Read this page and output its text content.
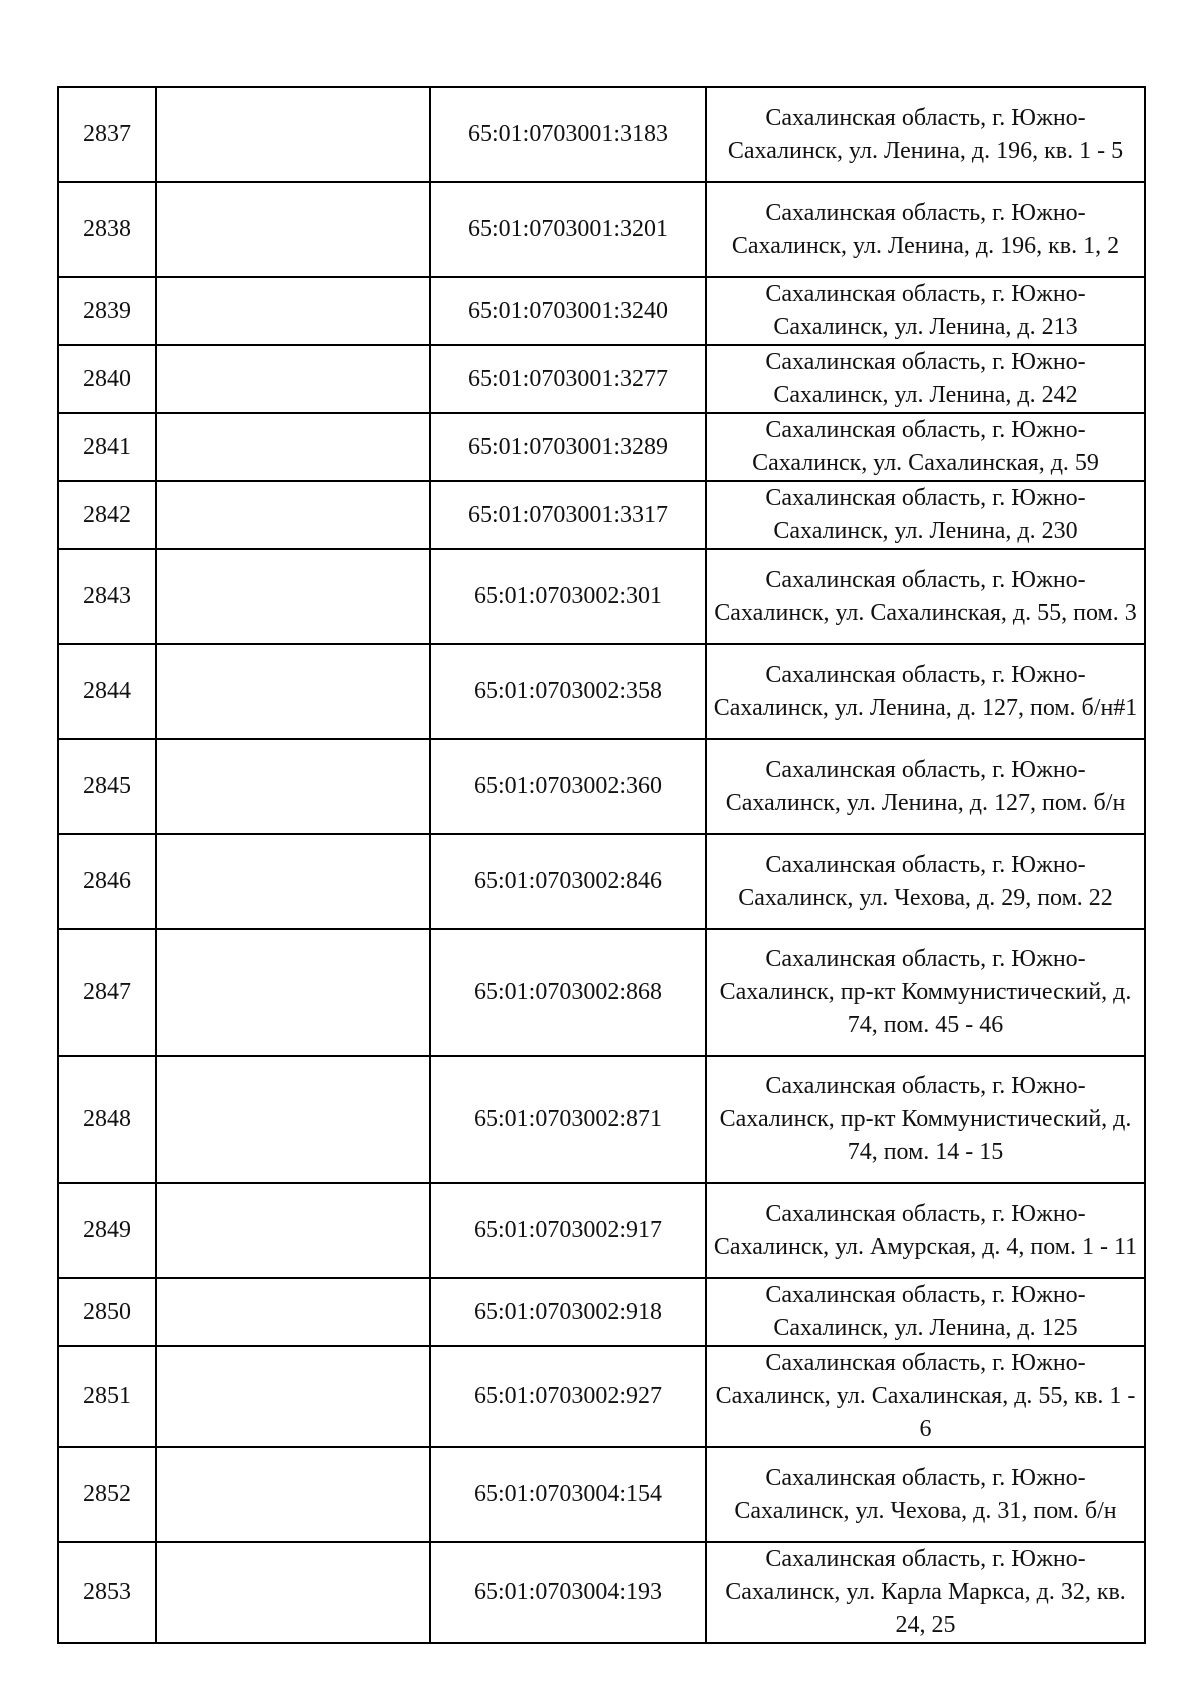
2837		65:01:0703001:3183	Сахалинская область, г. Южно-Сахалинск, ул. Ленина, д. 196, кв. 1 - 5
2838		65:01:0703001:3201	Сахалинская область, г. Южно-Сахалинск, ул. Ленина, д. 196, кв. 1, 2
2839		65:01:0703001:3240	Сахалинская область, г. Южно-Сахалинск, ул. Ленина, д. 213
2840		65:01:0703001:3277	Сахалинская область, г. Южно-Сахалинск, ул. Ленина, д. 242
2841		65:01:0703001:3289	Сахалинская область, г. Южно-Сахалинск, ул. Сахалинская, д. 59
2842		65:01:0703001:3317	Сахалинская область, г. Южно-Сахалинск, ул. Ленина, д. 230
2843		65:01:0703002:301	Сахалинская область, г. Южно-Сахалинск, ул. Сахалинская, д. 55, пом. 3
2844		65:01:0703002:358	Сахалинская область, г. Южно-Сахалинск, ул. Ленина, д. 127, пом. б/н#1
2845		65:01:0703002:360	Сахалинская область, г. Южно-Сахалинск, ул. Ленина, д. 127, пом. б/н
2846		65:01:0703002:846	Сахалинская область, г. Южно-Сахалинск, ул. Чехова, д. 29, пом. 22
2847		65:01:0703002:868	Сахалинская область, г. Южно-Сахалинск, пр-кт Коммунистический, д. 74, пом. 45 - 46
2848		65:01:0703002:871	Сахалинская область, г. Южно-Сахалинск, пр-кт Коммунистический, д. 74, пом. 14 - 15
2849		65:01:0703002:917	Сахалинская область, г. Южно-Сахалинск, ул. Амурская, д. 4, пом. 1 - 11
2850		65:01:0703002:918	Сахалинская область, г. Южно-Сахалинск, ул. Ленина, д. 125
2851		65:01:0703002:927	Сахалинская область, г. Южно-Сахалинск, ул. Сахалинская, д. 55, кв. 1 - 6
2852		65:01:0703004:154	Сахалинская область, г. Южно-Сахалинск, ул. Чехова, д. 31, пом. б/н
2853		65:01:0703004:193	Сахалинская область, г. Южно-Сахалинск, ул. Карла Маркса, д. 32, кв. 24, 25
